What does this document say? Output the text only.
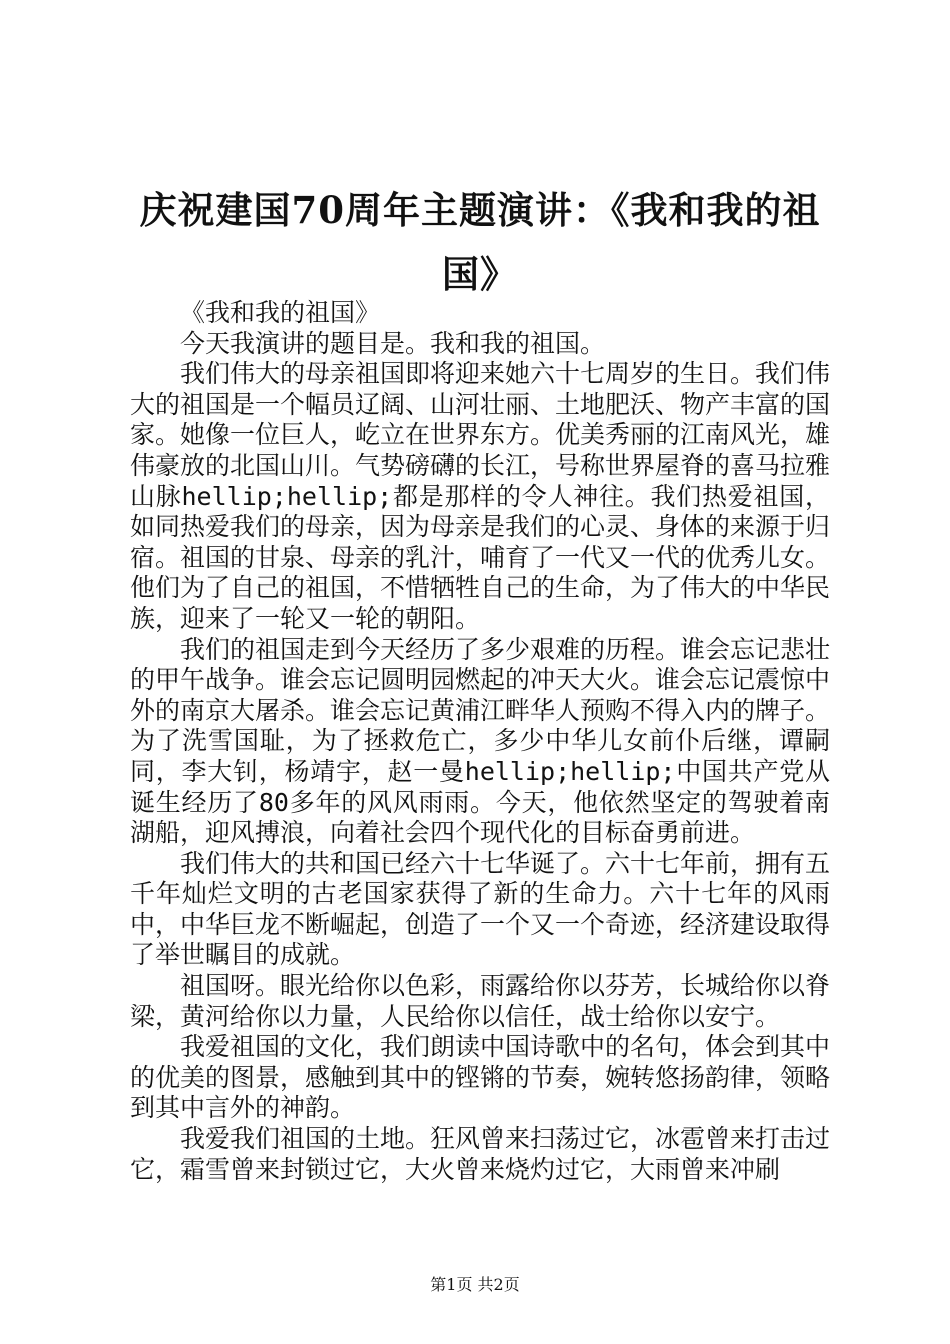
庆祝建国70周年主题演讲：《我和我的祖国》

《我和我的祖国》

今天我演讲的题目是。我和我的祖国。

我们伟大的母亲祖国即将迎来她六十七周岁的生日。我们伟大的祖国是一个幅员辽阔、山河壮丽、土地肥沃、物产丰富的国家。她像一位巨人，屹立在世界东方。优美秀丽的江南风光，雄伟豪放的北国山川。气势磅礴的长江，号称世界屋脊的喜马拉雅山脉hellip;hellip;都是那样的令人神往。我们热爱祖国，如同热爱我们的母亲，因为母亲是我们的心灵、身体的来源于归宿。祖国的甘泉、母亲的乳汁，哺育了一代又一代的优秀儿女。他们为了自己的祖国，不惜牺牲自己的生命，为了伟大的中华民族，迎来了一轮又一轮的朝阳。

我们的祖国走到今天经历了多少艰难的历程。谁会忘记悲壮的甲午战争。谁会忘记圆明园燃起的冲天大火。谁会忘记震惊中外的南京大屠杀。谁会忘记黄浦江畔华人预购不得入内的牌子。为了洗雪国耻，为了拯救危亡，多少中华儿女前仆后继，谭嗣同，李大钊，杨靖宇，赵一曼hellip;hellip;中国共产党从诞生经历了80多年的风风雨雨。今天，他依然坚定的驾驶着南湖船，迎风搏浪，向着社会四个现代化的目标奋勇前进。

我们伟大的共和国已经六十七华诞了。六十七年前，拥有五千年灿烂文明的古老国家获得了新的生命力。六十七年的风雨中，中华巨龙不断崛起，创造了一个又一个奇迹，经济建设取得了举世瞩目的成就。

祖国呀。眼光给你以色彩，雨露给你以芬芳，长城给你以脊梁，黄河给你以力量，人民给你以信任，战士给你以安宁。

我爱祖国的文化，我们朗读中国诗歌中的名句，体会到其中的优美的图景，感触到其中的铿锵的节奏，婉转悠扬韵律，领略到其中言外的神韵。

我爱我们祖国的土地。狂风曾来扫荡过它，冰雹曾来打击过它，霜雪曾来封锁过它，大火曾来烧灼过它，大雨曾来冲刷

第1页 共2页
